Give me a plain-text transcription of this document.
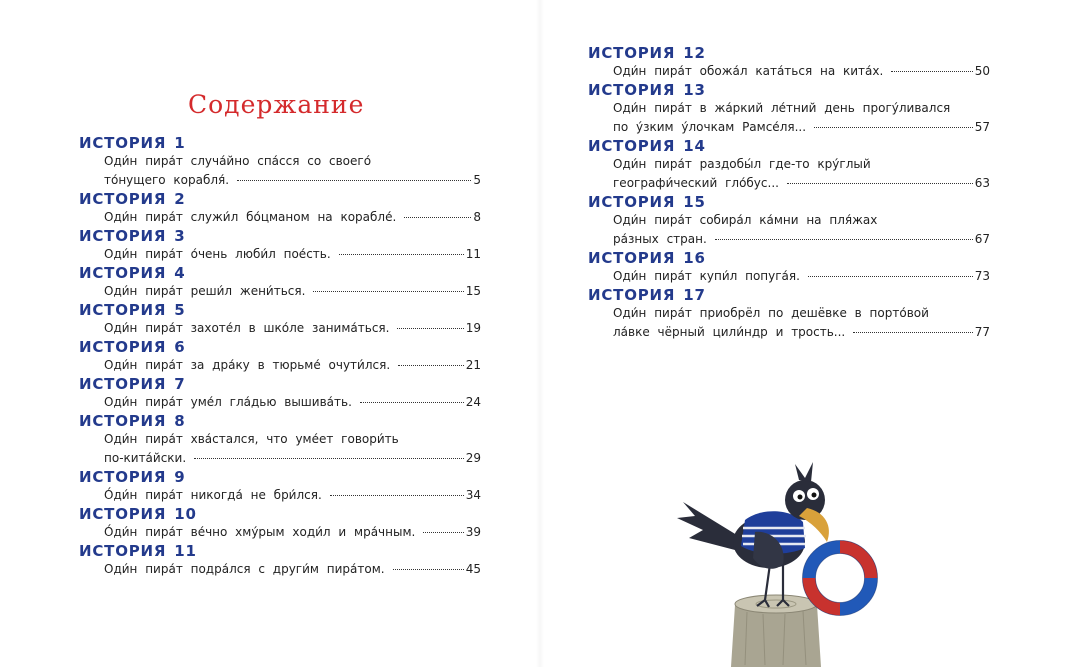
Содержание
ИСТОРИЯ 1
Оди́н пира́т случа́йно спа́сся со своего́
то́нущего корабля́.	5
ИСТОРИЯ 2
Оди́н пира́т служи́л бо́цманом на корабле́.	8
ИСТОРИЯ 3
Оди́н пира́т о́чень люби́л пое́сть.	11
ИСТОРИЯ 4
Оди́н пира́т реши́л жени́ться.	15
ИСТОРИЯ 5
Оди́н пира́т захоте́л в шко́ле занима́ться.	19
ИСТОРИЯ 6
Оди́н пира́т за дра́ку в тюрьме́ очути́лся.	21
ИСТОРИЯ 7
Оди́н пира́т уме́л гла́дью вышива́ть.	24
ИСТОРИЯ 8
Оди́н пира́т хва́стался, что уме́ет говори́ть
по-кита́йски.	29
ИСТОРИЯ 9
О́ди́н пира́т никогда́ не бри́лся.	34
ИСТОРИЯ 10
О́ди́н пира́т ве́чно хму́рым ходи́л и мра́чным.	39
ИСТОРИЯ 11
Оди́н пира́т подра́лся с други́м пира́том.	45
ИСТОРИЯ 12
Оди́н пира́т обожа́л ката́ться на кита́х.	50
ИСТОРИЯ 13
Оди́н пира́т в жа́ркий ле́тний день прогу́ливался
по у́зким у́лочкам Рамсе́ля...	57
ИСТОРИЯ 14
Оди́н пира́т раздобы́л где-то кру́глый
географи́ческий гло́бус...	63
ИСТОРИЯ 15
Оди́н пира́т собира́л ка́мни на пля́жах
ра́зных стран.	67
ИСТОРИЯ 16
Оди́н пира́т купи́л попуга́я.	73
ИСТОРИЯ 17
Оди́н пира́т приобрёл по дешёвке в порто́вой
ла́вке чёрный цили́ндр и трость...	77
